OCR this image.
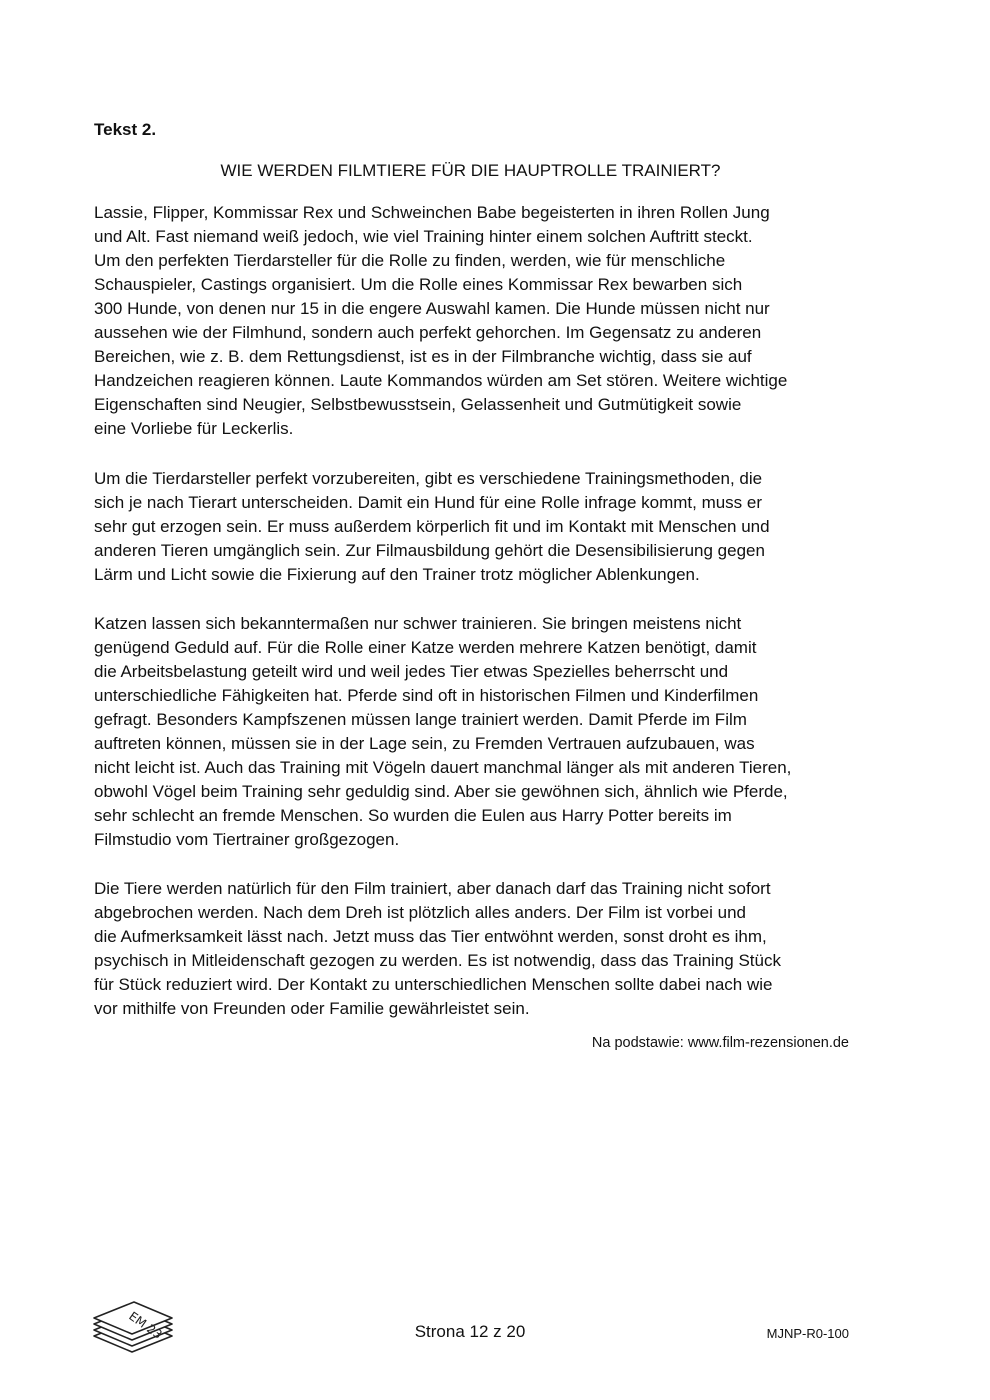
Tekst 2.
WIE WERDEN FILMTIERE FÜR DIE HAUPTROLLE TRAINIERT?
Lassie, Flipper, Kommissar Rex und Schweinchen Babe begeisterten in ihren Rollen Jung
und Alt. Fast niemand weiß jedoch, wie viel Training hinter einem solchen Auftritt steckt.
Um den perfekten Tierdarsteller für die Rolle zu finden, werden, wie für menschliche
Schauspieler, Castings organisiert. Um die Rolle eines Kommissar Rex bewarben sich
300 Hunde, von denen nur 15 in die engere Auswahl kamen. Die Hunde müssen nicht nur
aussehen wie der Filmhund, sondern auch perfekt gehorchen. Im Gegensatz zu anderen
Bereichen, wie z. B. dem Rettungsdienst, ist es in der Filmbranche wichtig, dass sie auf
Handzeichen reagieren können. Laute Kommandos würden am Set stören. Weitere wichtige
Eigenschaften sind Neugier, Selbstbewusstsein, Gelassenheit und Gutmütigkeit sowie
eine Vorliebe für Leckerlis.
Um die Tierdarsteller perfekt vorzubereiten, gibt es verschiedene Trainingsmethoden, die
sich je nach Tierart unterscheiden. Damit ein Hund für eine Rolle infrage kommt, muss er
sehr gut erzogen sein. Er muss außerdem körperlich fit und im Kontakt mit Menschen und
anderen Tieren umgänglich sein. Zur Filmausbildung gehört die Desensibilisierung gegen
Lärm und Licht sowie die Fixierung auf den Trainer trotz möglicher Ablenkungen.
Katzen lassen sich bekanntermaßen nur schwer trainieren. Sie bringen meistens nicht
genügend Geduld auf. Für die Rolle einer Katze werden mehrere Katzen benötigt, damit
die Arbeitsbelastung geteilt wird und weil jedes Tier etwas Spezielles beherrscht und
unterschiedliche Fähigkeiten hat. Pferde sind oft in historischen Filmen und Kinderfilmen
gefragt. Besonders Kampfszenen müssen lange trainiert werden. Damit Pferde im Film
auftreten können, müssen sie in der Lage sein, zu Fremden Vertrauen aufzubauen, was
nicht leicht ist. Auch das Training mit Vögeln dauert manchmal länger als mit anderen Tieren,
obwohl Vögel beim Training sehr geduldig sind. Aber sie gewöhnen sich, ähnlich wie Pferde,
sehr schlecht an fremde Menschen. So wurden die Eulen aus Harry Potter bereits im
Filmstudio vom Tiertrainer großgezogen.
Die Tiere werden natürlich für den Film trainiert, aber danach darf das Training nicht sofort
abgebrochen werden. Nach dem Dreh ist plötzlich alles anders. Der Film ist vorbei und
die Aufmerksamkeit lässt nach. Jetzt muss das Tier entwöhnt werden, sonst droht es ihm,
psychisch in Mitleidenschaft gezogen zu werden. Es ist notwendig, dass das Training Stück
für Stück reduziert wird. Der Kontakt zu unterschiedlichen Menschen sollte dabei nach wie
vor mithilfe von Freunden oder Familie gewährleistet sein.
Na podstawie: www.film-rezensionen.de
EM 23	Strona 12 z 20	MJNP-R0-100
